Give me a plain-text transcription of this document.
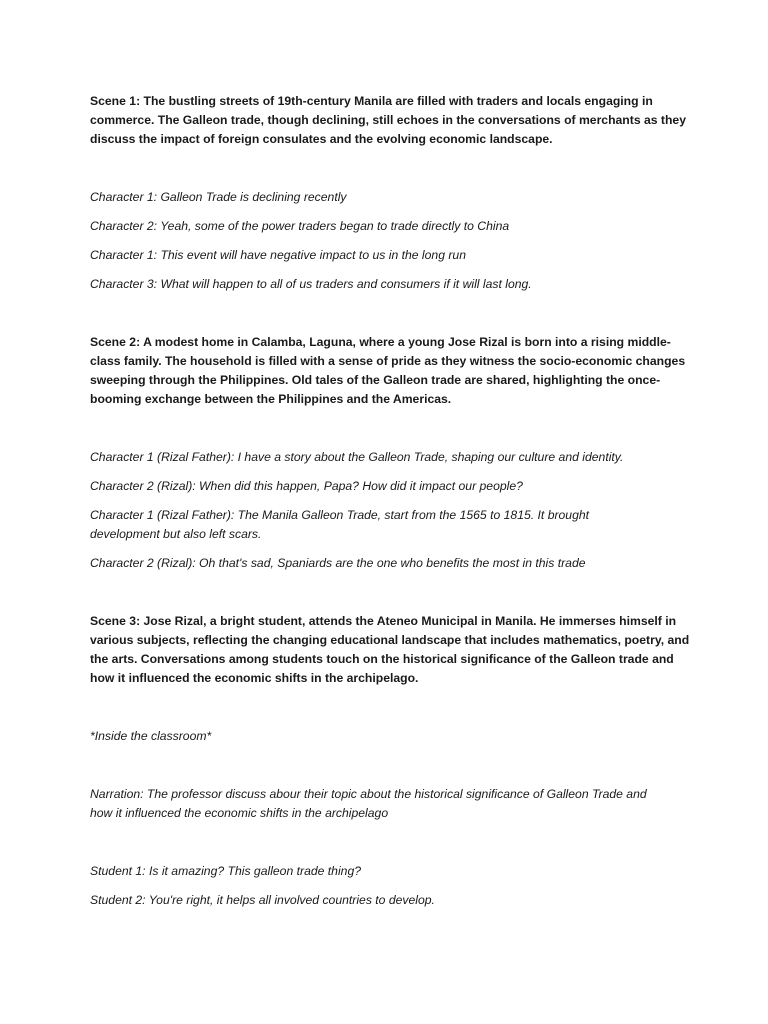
Scene 1: The bustling streets of 19th-century Manila are filled with traders and locals engaging in

commerce. The Galleon trade, though declining, still echoes in the conversations of merchants as they

discuss the impact of foreign consulates and the evolving economic landscape.

Character 1: Galleon Trade is declining recently

Character 2: Yeah, some of the power traders began to trade directly to China

Character 1: This event will have negative impact to us in the long run

Character 3: What will happen to all of us traders and consumers if it will last long.

Scene 2: A modest home in Calamba, Laguna, where a young Jose Rizal is born into a rising middle-

class family. The household is filled with a sense of pride as they witness the socio-economic changes

sweeping through the Philippines. Old tales of the Galleon trade are shared, highlighting the once-

booming exchange between the Philippines and the Americas.

Character 1 (Rizal Father): I have a story about the Galleon Trade, shaping our culture and identity.

Character 2 (Rizal): When did this happen, Papa? How did it impact our people?

Character 1 (Rizal Father): The Manila Galleon Trade, start from the 1565 to 1815. It brought

development but also left scars.

Character 2 (Rizal): Oh that's sad, Spaniards are the one who benefits the most in this trade

Scene 3: Jose Rizal, a bright student, attends the Ateneo Municipal in Manila. He immerses himself in

various subjects, reflecting the changing educational landscape that includes mathematics, poetry, and

the arts. Conversations among students touch on the historical significance of the Galleon trade and

how it influenced the economic shifts in the archipelago.

*Inside the classroom*

Narration: The professor discuss abour their topic about the historical significance of Galleon Trade and

how it influenced the economic shifts in the archipelago

Student 1: Is it amazing? This galleon trade thing?

Student 2: You're right, it helps all involved countries to develop.
